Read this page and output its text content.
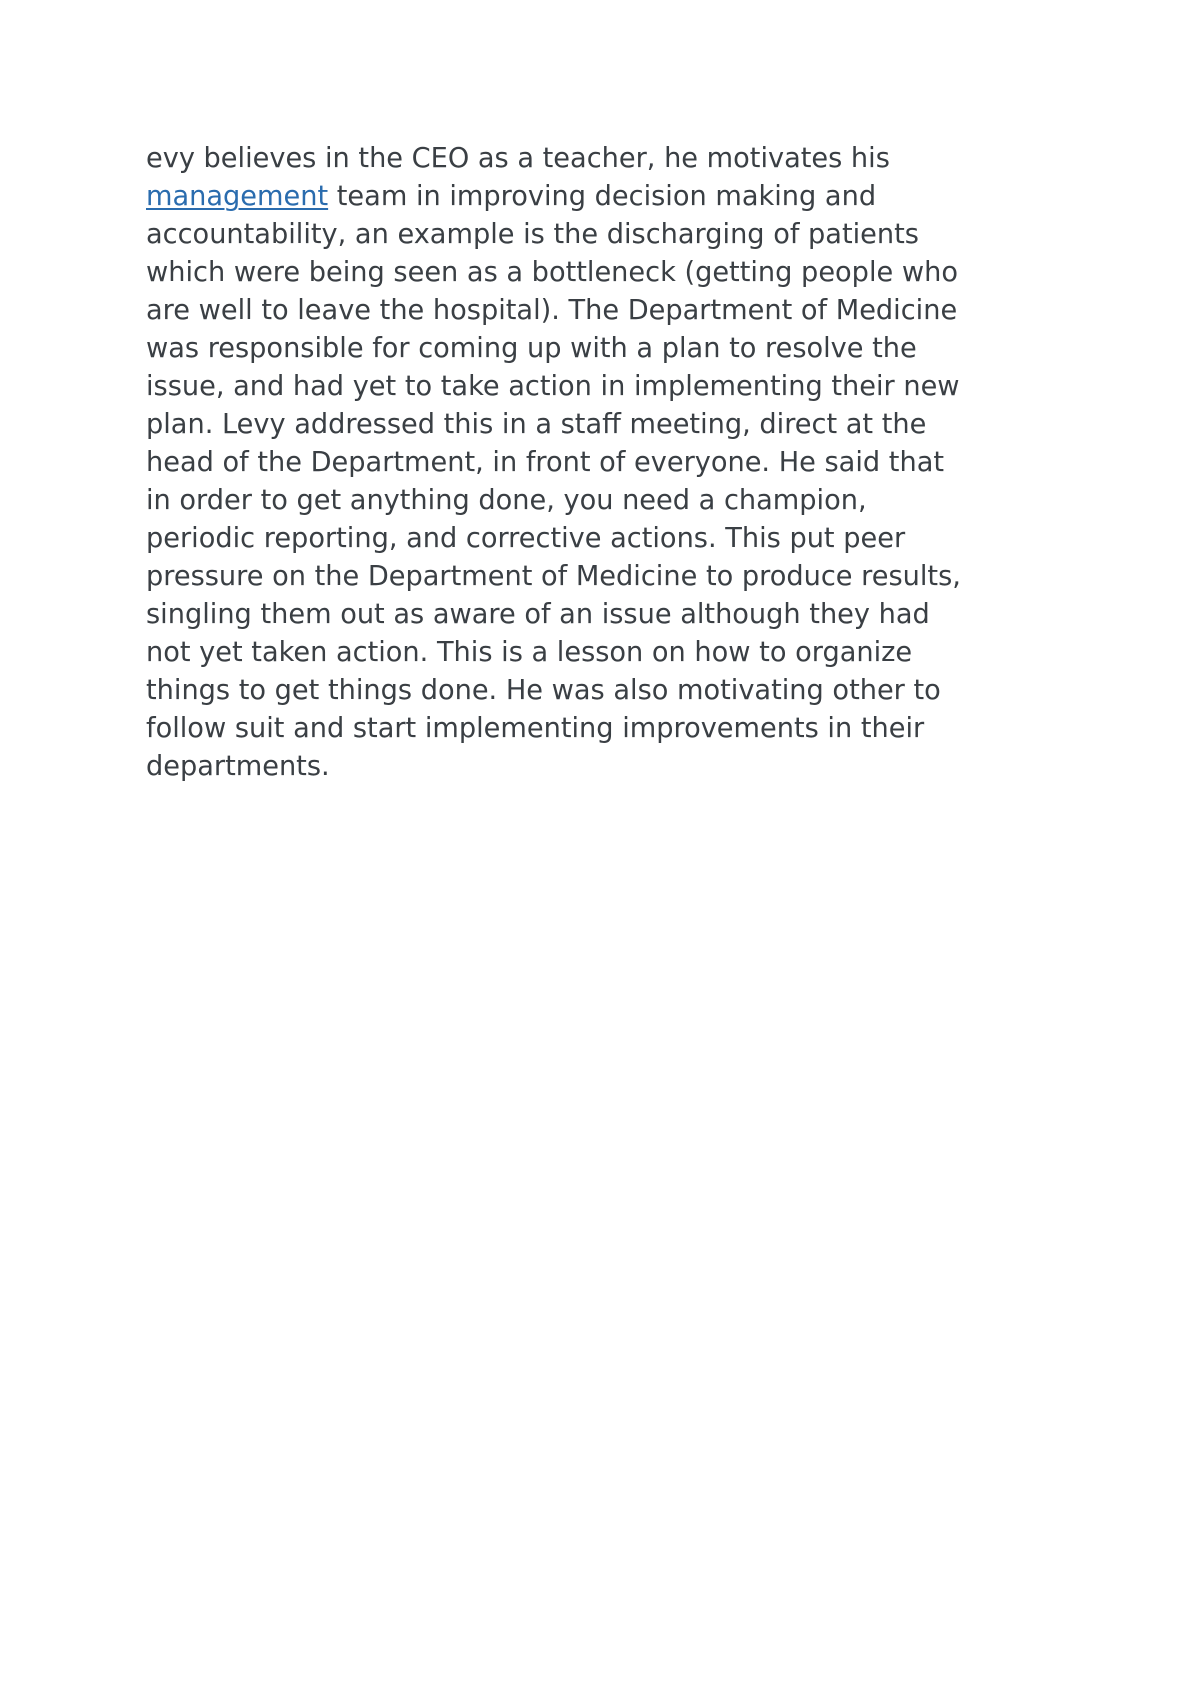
evy believes in the CEO as a teacher, he motivates his
management team in improving decision making and
accountability, an example is the discharging of patients
which were being seen as a bottleneck (getting people who
are well to leave the hospital). The Department of Medicine
was responsible for coming up with a plan to resolve the
issue, and had yet to take action in implementing their new
plan. Levy addressed this in a staff meeting, direct at the
head of the Department, in front of everyone. He said that
in order to get anything done, you need a champion,
periodic reporting, and corrective actions. This put peer
pressure on the Department of Medicine to produce results,
singling them out as aware of an issue although they had
not yet taken action. This is a lesson on how to organize
things to get things done. He was also motivating other to
follow suit and start implementing improvements in their
departments.
